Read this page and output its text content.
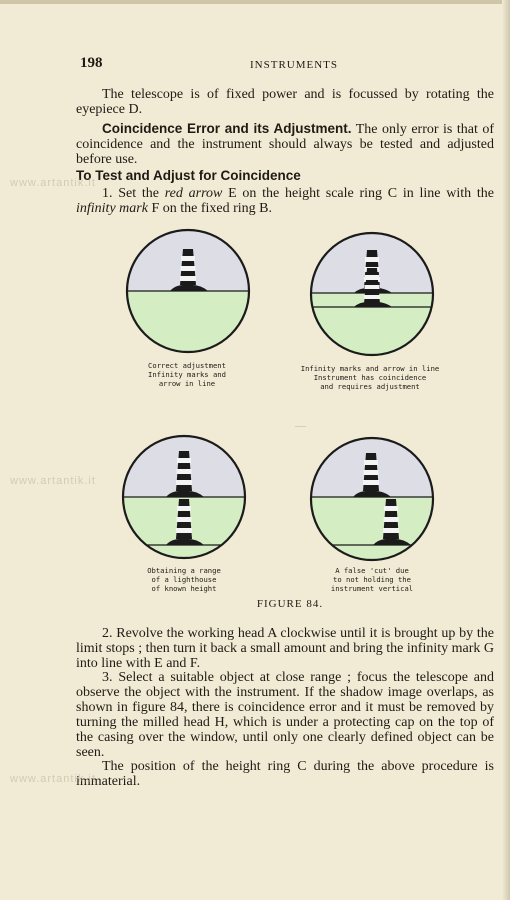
198	INSTRUMENTS
The telescope is of fixed power and is focussed by rotating the eyepiece D.
Coincidence Error and its Adjustment. The only error is that of coincidence and the instrument should always be tested and adjusted before use.
To Test and Adjust for Coincidence
1. Set the red arrow E on the height scale ring C in line with the infinity mark F on the fixed ring B.
Correct adjustment
Infinity marks and
arrow in line
Infinity marks and arrow in line
Instrument has coincidence
and requires adjustment
—
Obtaining a range
of a lighthouse
of known height
A false 'cut' due
to not holding the
instrument vertical
FIGURE 84.
2. Revolve the working head A clockwise until it is brought up by the limit stops ; then turn it back a small amount and bring the infinity mark G into line with E and F.
3. Select a suitable object at close range ; focus the telescope and observe the object with the instrument. If the shadow image overlaps, as shown in figure 84, there is coincidence error and it must be removed by turning the milled head H, which is under a protecting cap on the top of the casing over the window, until only one clearly defined object can be seen.
The position of the height ring C during the above procedure is immaterial.
www.artantik.it
www.artantik.it
www.artantik.it
